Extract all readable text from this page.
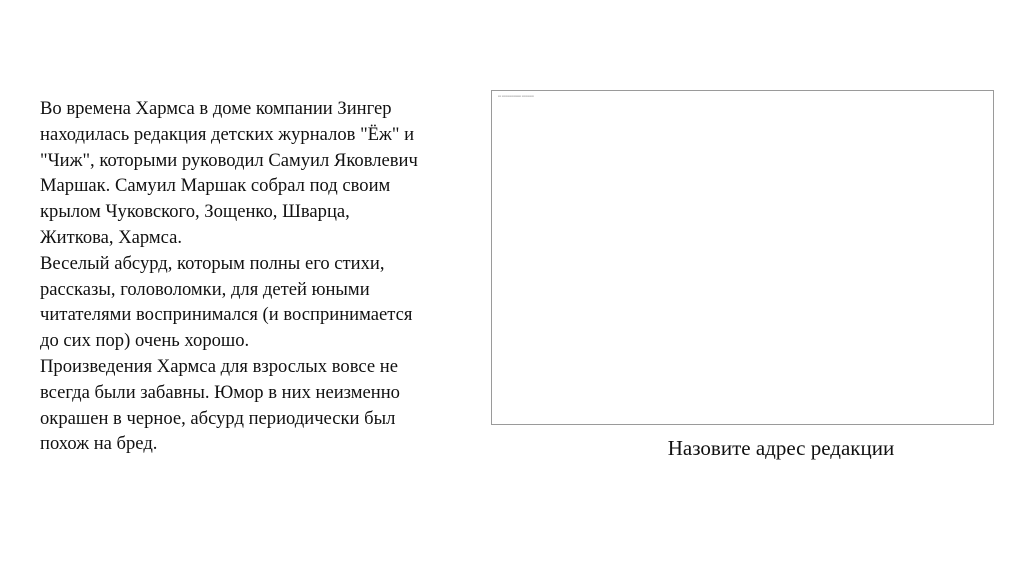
Во времена Хармса в доме компании Зингер
находилась редакция детских журналов "Ёж" и
"Чиж", которыми руководил Самуил Яковлевич
Маршак. Самуил Маршак собрал под своим
крылом Чуковского, Зощенко, Шварца,
Житкова, Хармса.
Веселый абсурд, которым полны его стихи,
рассказы, головоломки, для детей юными
читателями воспринимался (и воспринимается
до сих пор) очень хорошо.
Произведения Хармса для взрослых вовсе не
всегда были забавны. Юмор в них неизменно
окрашен в черное, абсурд периодически был
похож на бред.
▪▪▪ ▪▪▪▪▪▪▪▪▪▪▪▪▪▪▪▪▪▪ ▪▪▪▪▪▪▪▪▪▪▪

Назовите адрес редакции
